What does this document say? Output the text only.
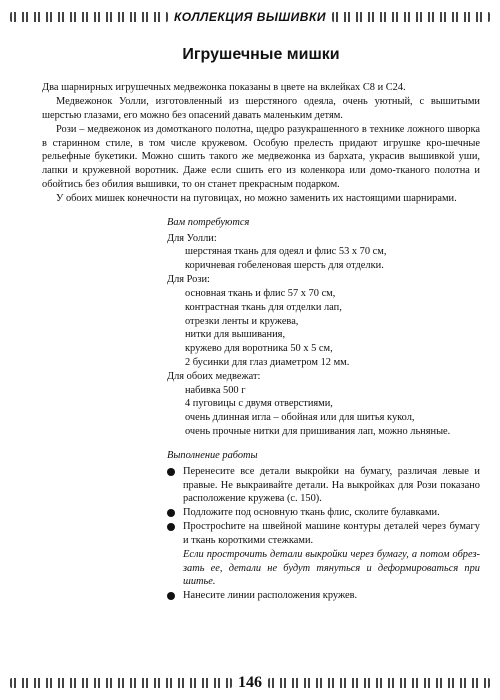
КОЛЛЕКЦИЯ ВЫШИВКИ
Игрушечные мишки

Два шарнирных игрушечных медвежонка показаны в цвете на вклейках С8 и С24.

Медвежонок Уолли, изготовленный из шерстяного одеяла, очень уютный, с вышитыми шерстью глазами, его можно без опасений давать маленьким детям.

Рози – медвежонок из домотканого полотна, щедро разукрашенного в технике ложного шворка в старинном стиле, в том числе кружевом. Особую прелесть придают игрушке кро-шечные рельефные букетики. Можно сшить такого же медвежонка из бархата, украсив вышивкой уши, лапки и кружевной воротник. Даже если сшить его из коленкора или домо-тканого полотна и обойтись без обилия вышивки, то он станет прекрасным подарком.

У обоих мишек конечности на пуговицах, но можно заменить их настоящими шарнирами.

Вам потребуются

Для Уолли:

шерстяная ткань для одеял и флис 53 x 70 см,

коричневая гобеленовая шерсть для отделки.

Для Рози:

основная ткань и флис 57 x 70 см,

контрастная ткань для отделки лап,

отрезки ленты и кружева,

нитки для вышивания,

кружево для воротника 50 x 5 см,

2 бусинки для глаз диаметром 12 мм.

Для обоих медвежат:

набивка 500 г

4 пуговицы с двумя отверстиями,

очень длинная игла – обойная или для шитья кукол,

очень прочные нитки для пришивания лап, можно льняные.

Выполнение работы
Перенесите все детали выкройки на бумагу, различая левые и правые. Не выкраивайте детали. На выкройках для Рози показано расположение кружева (с. 150).
Подложите под основную ткань флис, сколите булавками.
Простроchите на швейной машине контуры деталей через бумагу и ткань короткими стежками.

Если прострочить детали выкройки через бумагу, а потом обрез-зать ее, детали не будут тянуться и деформироваться при шитье.

Нанесите линии расположения кружев.
146
